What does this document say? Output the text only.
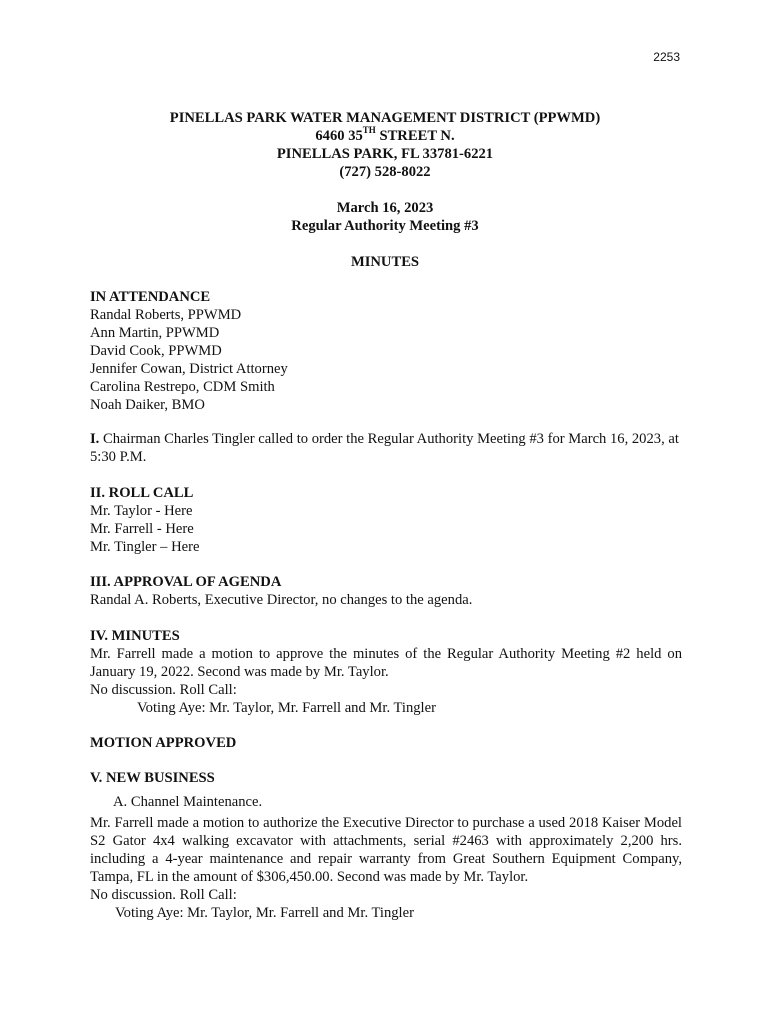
2253
PINELLAS PARK WATER MANAGEMENT DISTRICT (PPWMD)
6460 35TH STREET N.
PINELLAS PARK, FL 33781-6221
(727) 528-8022
March 16, 2023
Regular Authority Meeting #3
MINUTES
IN ATTENDANCE
Randal Roberts, PPWMD
Ann Martin, PPWMD
David Cook, PPWMD
Jennifer Cowan, District Attorney
Carolina Restrepo, CDM Smith
Noah Daiker, BMO
I. Chairman Charles Tingler called to order the Regular Authority Meeting #3 for March 16, 2023, at 5:30 P.M.
II. ROLL CALL
Mr. Taylor - Here
Mr. Farrell - Here
Mr. Tingler – Here
III. APPROVAL OF AGENDA
Randal A. Roberts, Executive Director, no changes to the agenda.
IV. MINUTES
Mr. Farrell made a motion to approve the minutes of the Regular Authority Meeting #2 held on January 19, 2022. Second was made by Mr. Taylor.
No discussion. Roll Call:
Voting Aye: Mr. Taylor, Mr. Farrell and Mr. Tingler
MOTION APPROVED
V. NEW BUSINESS
A. Channel Maintenance.
Mr. Farrell made a motion to authorize the Executive Director to purchase a used 2018 Kaiser Model S2 Gator 4x4 walking excavator with attachments, serial #2463 with approximately 2,200 hrs. including a 4-year maintenance and repair warranty from Great Southern Equipment Company, Tampa, FL in the amount of $306,450.00. Second was made by Mr. Taylor.
No discussion. Roll Call:
Voting Aye: Mr. Taylor, Mr. Farrell and Mr. Tingler
